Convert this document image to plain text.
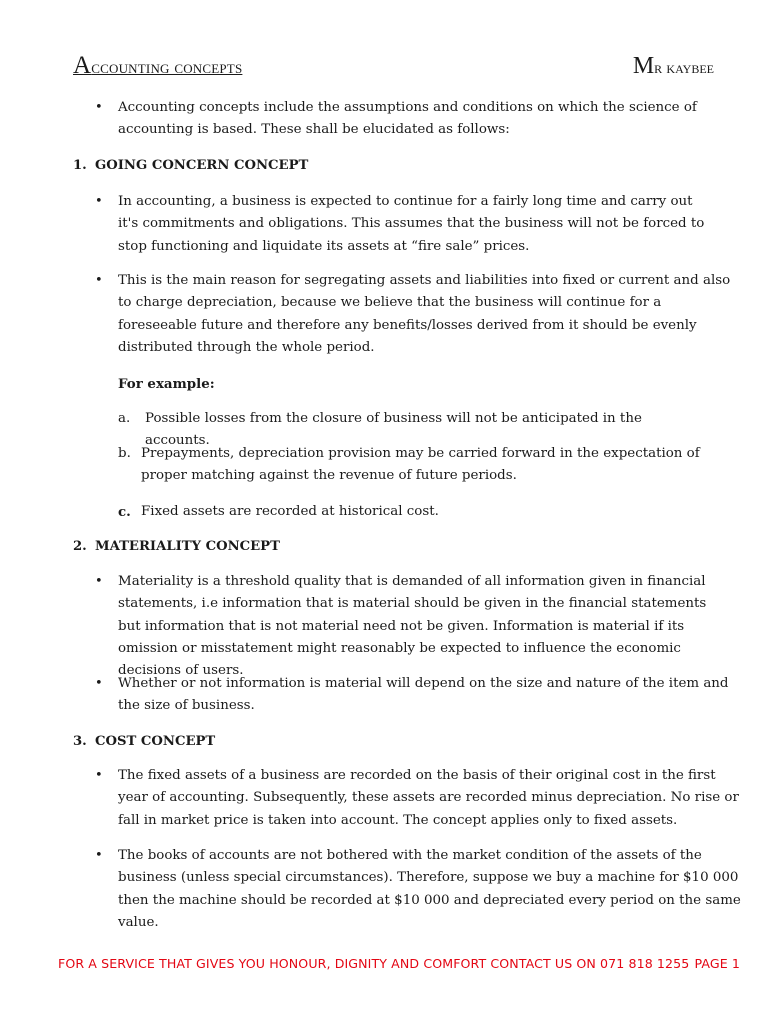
Accounting concepts	Mr kaybee
• Accounting concepts include the assumptions and conditions on which the science of accounting is based. These shall be elucidated as follows:
1. GOING CONCERN CONCEPT
• In accounting, a business is expected to continue for a fairly long time and carry out it's commitments and obligations. This assumes that the business will not be forced to stop functioning and liquidate its assets at “fire sale” prices.
• This is the main reason for segregating assets and liabilities into fixed or current and also to charge depreciation, because we believe that the business will continue for a foreseeable future and therefore any benefits/losses derived from it should be evenly distributed through the whole period.
For example:
a. Possible losses from the closure of business will not be anticipated in the accounts.
b. Prepayments, depreciation provision may be carried forward in the expectation of proper matching against the revenue of future periods.
c. Fixed assets are recorded at historical cost.
2. MATERIALITY CONCEPT
• Materiality is a threshold quality that is demanded of all information given in financial statements, i.e information that is material should be given in the financial statements but information that is not material need not be given. Information is material if its omission or misstatement might reasonably be expected to influence the economic decisions of users.
• Whether or not information is material will depend on the size and nature of the item and the size of business.
3. COST CONCEPT
• The fixed assets of a business are recorded on the basis of their original cost in the first year of accounting. Subsequently, these assets are recorded minus depreciation. No rise or fall in market price is taken into account. The concept applies only to fixed assets.
• The books of accounts are not bothered with the market condition of the assets of the business (unless special circumstances). Therefore, suppose we buy a machine for $10 000 then the machine should be recorded at $10 000 and depreciated every period on the same value.
FOR A SERVICE THAT GIVES YOU HONOUR, DIGNITY AND COMFORT CONTACT US ON 071 818 1255 PAGE 1
